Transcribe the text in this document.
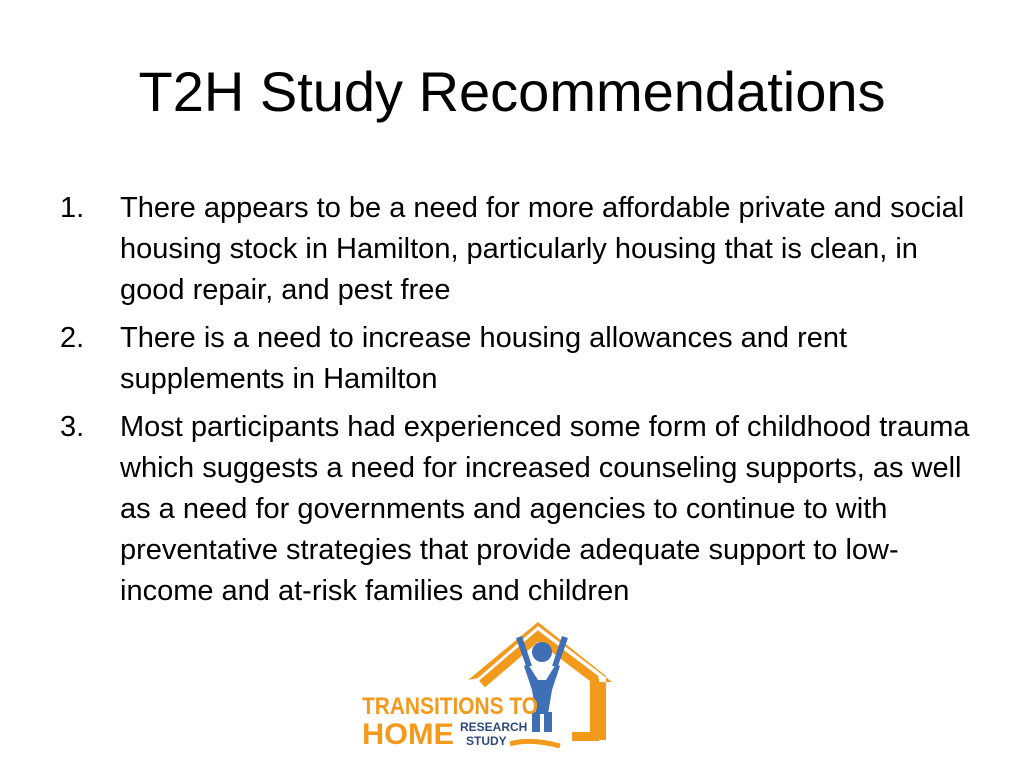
T2H Study Recommendations
1.	There appears to be a need for more affordable private and social housing stock in Hamilton, particularly housing that is clean, in good repair, and pest free
2.	There is a need to increase housing allowances and rent supplements in Hamilton
3.	Most participants had experienced some form of childhood trauma which suggests a need for increased counseling supports, as well as a need for governments and agencies to continue to with preventative strategies that provide adequate support to low-income and at-risk families and children
TRANSITIONS TO
HOME RESEARCH
STUDY
